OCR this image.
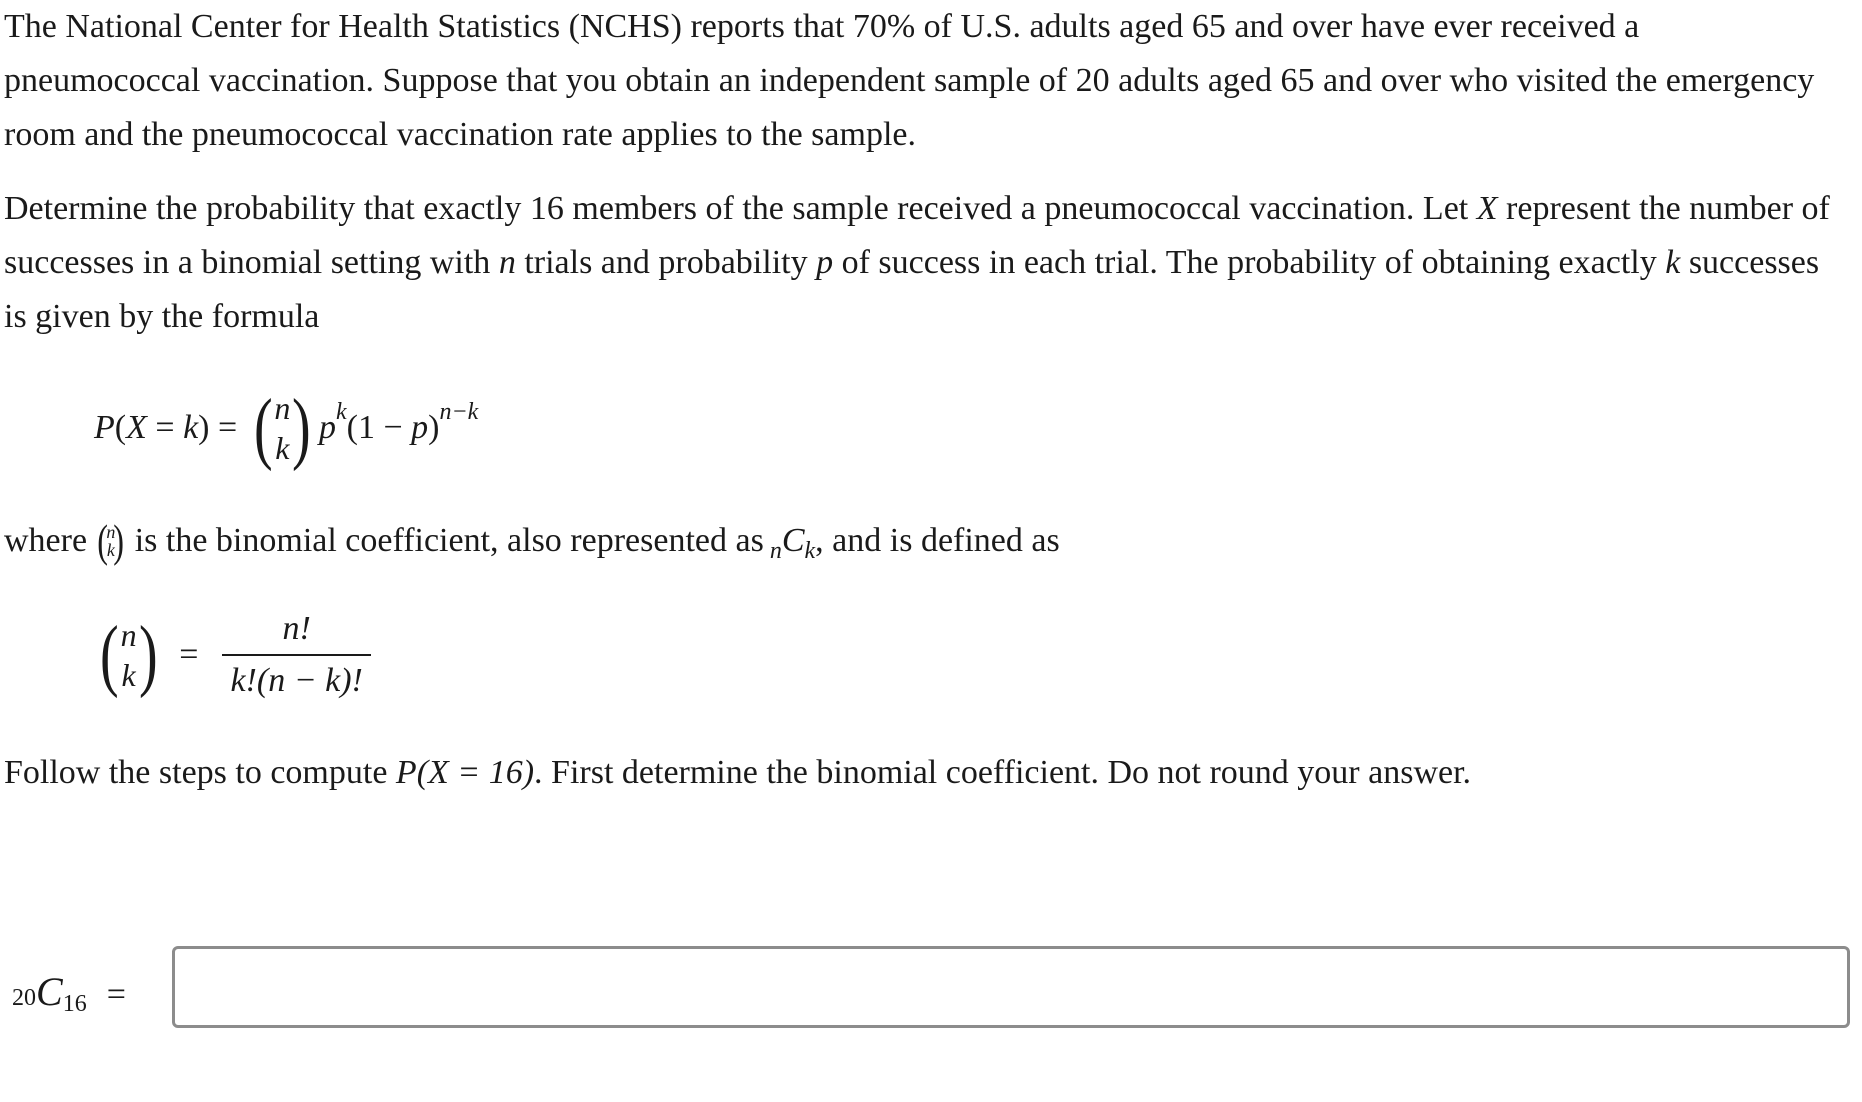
The National Center for Health Statistics (NCHS) reports that 70% of U.S. adults aged 65 and over have ever received a pneumococcal vaccination. Suppose that you obtain an independent sample of 20 adults aged 65 and over who visited the emergency room and the pneumococcal vaccination rate applies to the sample.

Determine the probability that exactly 16 members of the sample received a pneumococcal vaccination. Let X represent the number of successes in a binomial setting with n trials and probability p of success in each trial. The probability of obtaining exactly k successes is given by the formula

P ( X = k ) = ( n
k ) p k (1 − p ) n−k
where (
n
k
) is the binomial coefficient, also represented as n C k , and is defined as
( n
k ) = $\frac{n!}{k!(n - k)!}$

Follow the steps to compute P(X = 16). First determine the binomial coefficient. Do not round your answer.

20 C 16 =
